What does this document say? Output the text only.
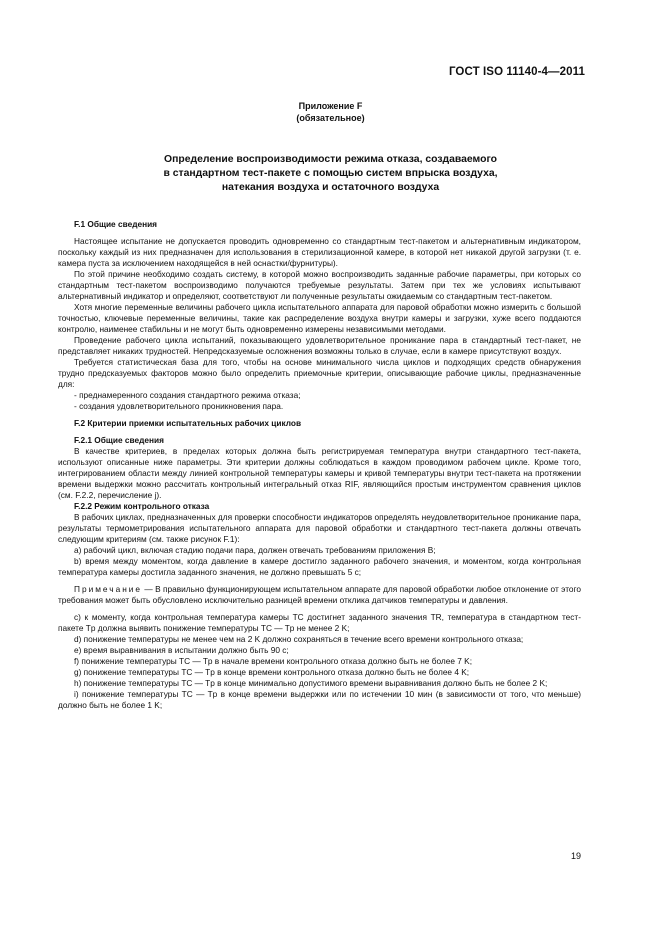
ГОСТ ISO 11140-4—2011
Приложение F
(обязательное)
Определение воспроизводимости режима отказа, создаваемого
в стандартном тест-пакете с помощью систем впрыска воздуха,
натекания воздуха и остаточного воздуха

F.1 Общие сведения

Настоящее испытание не допускается проводить одновременно со стандартным тест-пакетом и альтернативным индикатором, поскольку каждый из них предназначен для использования в стерилизационной камере, в которой нет никакой другой загрузки (т. е. камера пуста за исключением находящейся в ней оснастки/фурнитуры).

По этой причине необходимо создать систему, в которой можно воспроизводить заданные рабочие параметры, при которых со стандартным тест-пакетом воспроизводимо получаются требуемые результаты. Затем при тех же условиях испытывают альтернативный индикатор и определяют, соответствуют ли полученные результаты ожидаемым со стандартным тест-пакетом.

Хотя многие переменные величины рабочего цикла испытательного аппарата для паровой обработки можно измерить с большой точностью, ключевые переменные величины, такие как распределение воздуха внутри камеры и загрузки, хуже всего поддаются контролю, наименее стабильны и не могут быть одновременно измерены независимыми методами.

Проведение рабочего цикла испытаний, показывающего удовлетворительное проникание пара в стандартный тест-пакет, не представляет никаких трудностей. Непредсказуемые осложнения возможны только в случае, если в камере присутствуют воздух.

Требуется статистическая база для того, чтобы на основе минимального числа циклов и подходящих средств обнаружения трудно предсказуемых факторов можно было определить приемочные критерии, описывающие рабочие циклы, предназначенные для:

- преднамеренного создания стандартного режима отказа;

- создания удовлетворительного проникновения пара.

F.2 Критерии приемки испытательных рабочих циклов

F.2.1 Общие сведения

В качестве критериев, в пределах которых должна быть регистрируемая температура внутри стандартного тест-пакета, используют описанные ниже параметры. Эти критерии должны соблюдаться в каждом проводимом рабочем цикле. Кроме того, интегрированием области между линией контрольной температуры камеры и кривой температуры внутри тест-пакета на протяжении времени выдержки можно рассчитать контрольный интегральный отказ RIF, являющийся простым инструментом сравнения циклов (см. F.2.2, перечисление j).

F.2.2 Режим контрольного отказа

В рабочих циклах, предназначенных для проверки способности индикаторов определять неудовлетворительное проникание пара, результаты термометрирования испытательного аппарата для паровой обработки и стандартного тест-пакета должны отвечать следующим критериям (см. также рисунок F.1):

a) рабочий цикл, включая стадию подачи пара, должен отвечать требованиям приложения В;

b) время между моментом, когда давление в камере достигло заданного рабочего значения, и моментом, когда контрольная температура камеры достигла заданного значения, не должно превышать 5 с;

Примечание — В правильно функционирующем испытательном аппарате для паровой обработки любое отклонение от этого требования может быть обусловлено исключительно разницей времени отклика датчиков температуры и давления.

c) к моменту, когда контрольная температура камеры TC достигнет заданного значения TR, температура в стандартном тест-пакете Tp должна выявить понижение температуры TC — Tp не менее 2 K;

d) понижение температуры не менее чем на 2 K должно сохраняться в течение всего времени контрольного отказа;

e) время выравнивания в испытании должно быть 90 с;

f) понижение температуры TC — Tp в начале времени контрольного отказа должно быть не более 7 K;

g) понижение температуры TC — Tp в конце времени контрольного отказа должно быть не более 4 K;

h) понижение температуры TC — Tp в конце минимально допустимого времени выравнивания должно быть не более 2 K;

i) понижение температуры TC — Tp в конце времени выдержки или по истечении 10 мин (в зависимости от того, что меньше) должно быть не более 1 K;

19
